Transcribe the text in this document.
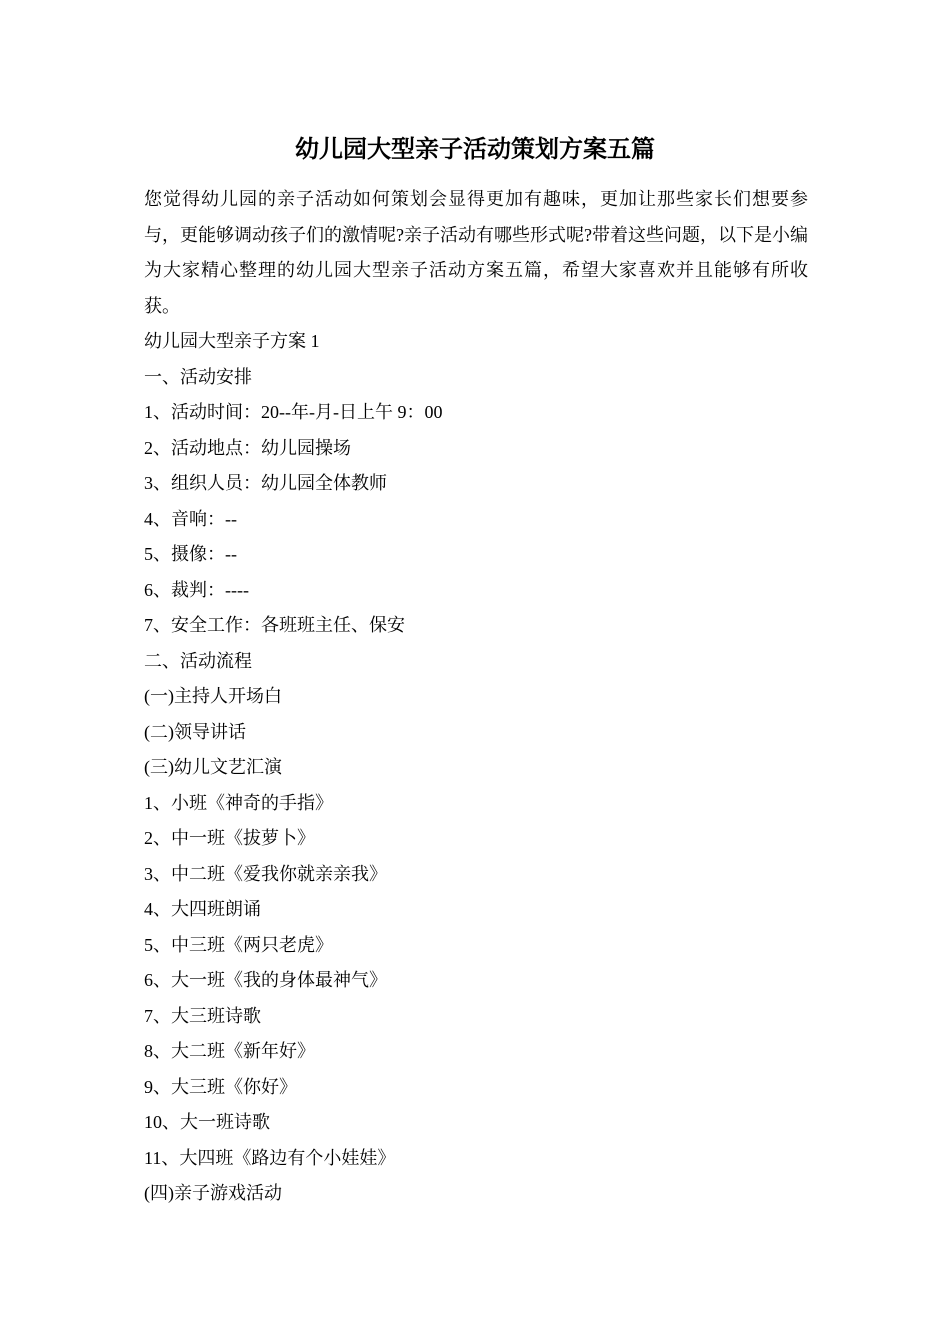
幼儿园大型亲子活动策划方案五篇

您觉得幼儿园的亲子活动如何策划会显得更加有趣味，更加让那些家长们想要参与，更能够调动孩子们的激情呢?亲子活动有哪些形式呢?带着这些问题，以下是小编为大家精心整理的幼儿园大型亲子活动方案五篇，希望大家喜欢并且能够有所收获。

幼儿园大型亲子方案 1

一、活动安排

1、活动时间：20--年-月-日上午 9：00

2、活动地点：幼儿园操场

3、组织人员：幼儿园全体教师

4、音响：--

5、摄像：--

6、裁判：----

7、安全工作：各班班主任、保安

二、活动流程

(一)主持人开场白

(二)领导讲话

(三)幼儿文艺汇演

1、小班《神奇的手指》

2、中一班《拔萝卜》

3、中二班《爱我你就亲亲我》

4、大四班朗诵

5、中三班《两只老虎》

6、大一班《我的身体最神气》

7、大三班诗歌

8、大二班《新年好》

9、大三班《你好》

10、大一班诗歌

11、大四班《路边有个小娃娃》

(四)亲子游戏活动
